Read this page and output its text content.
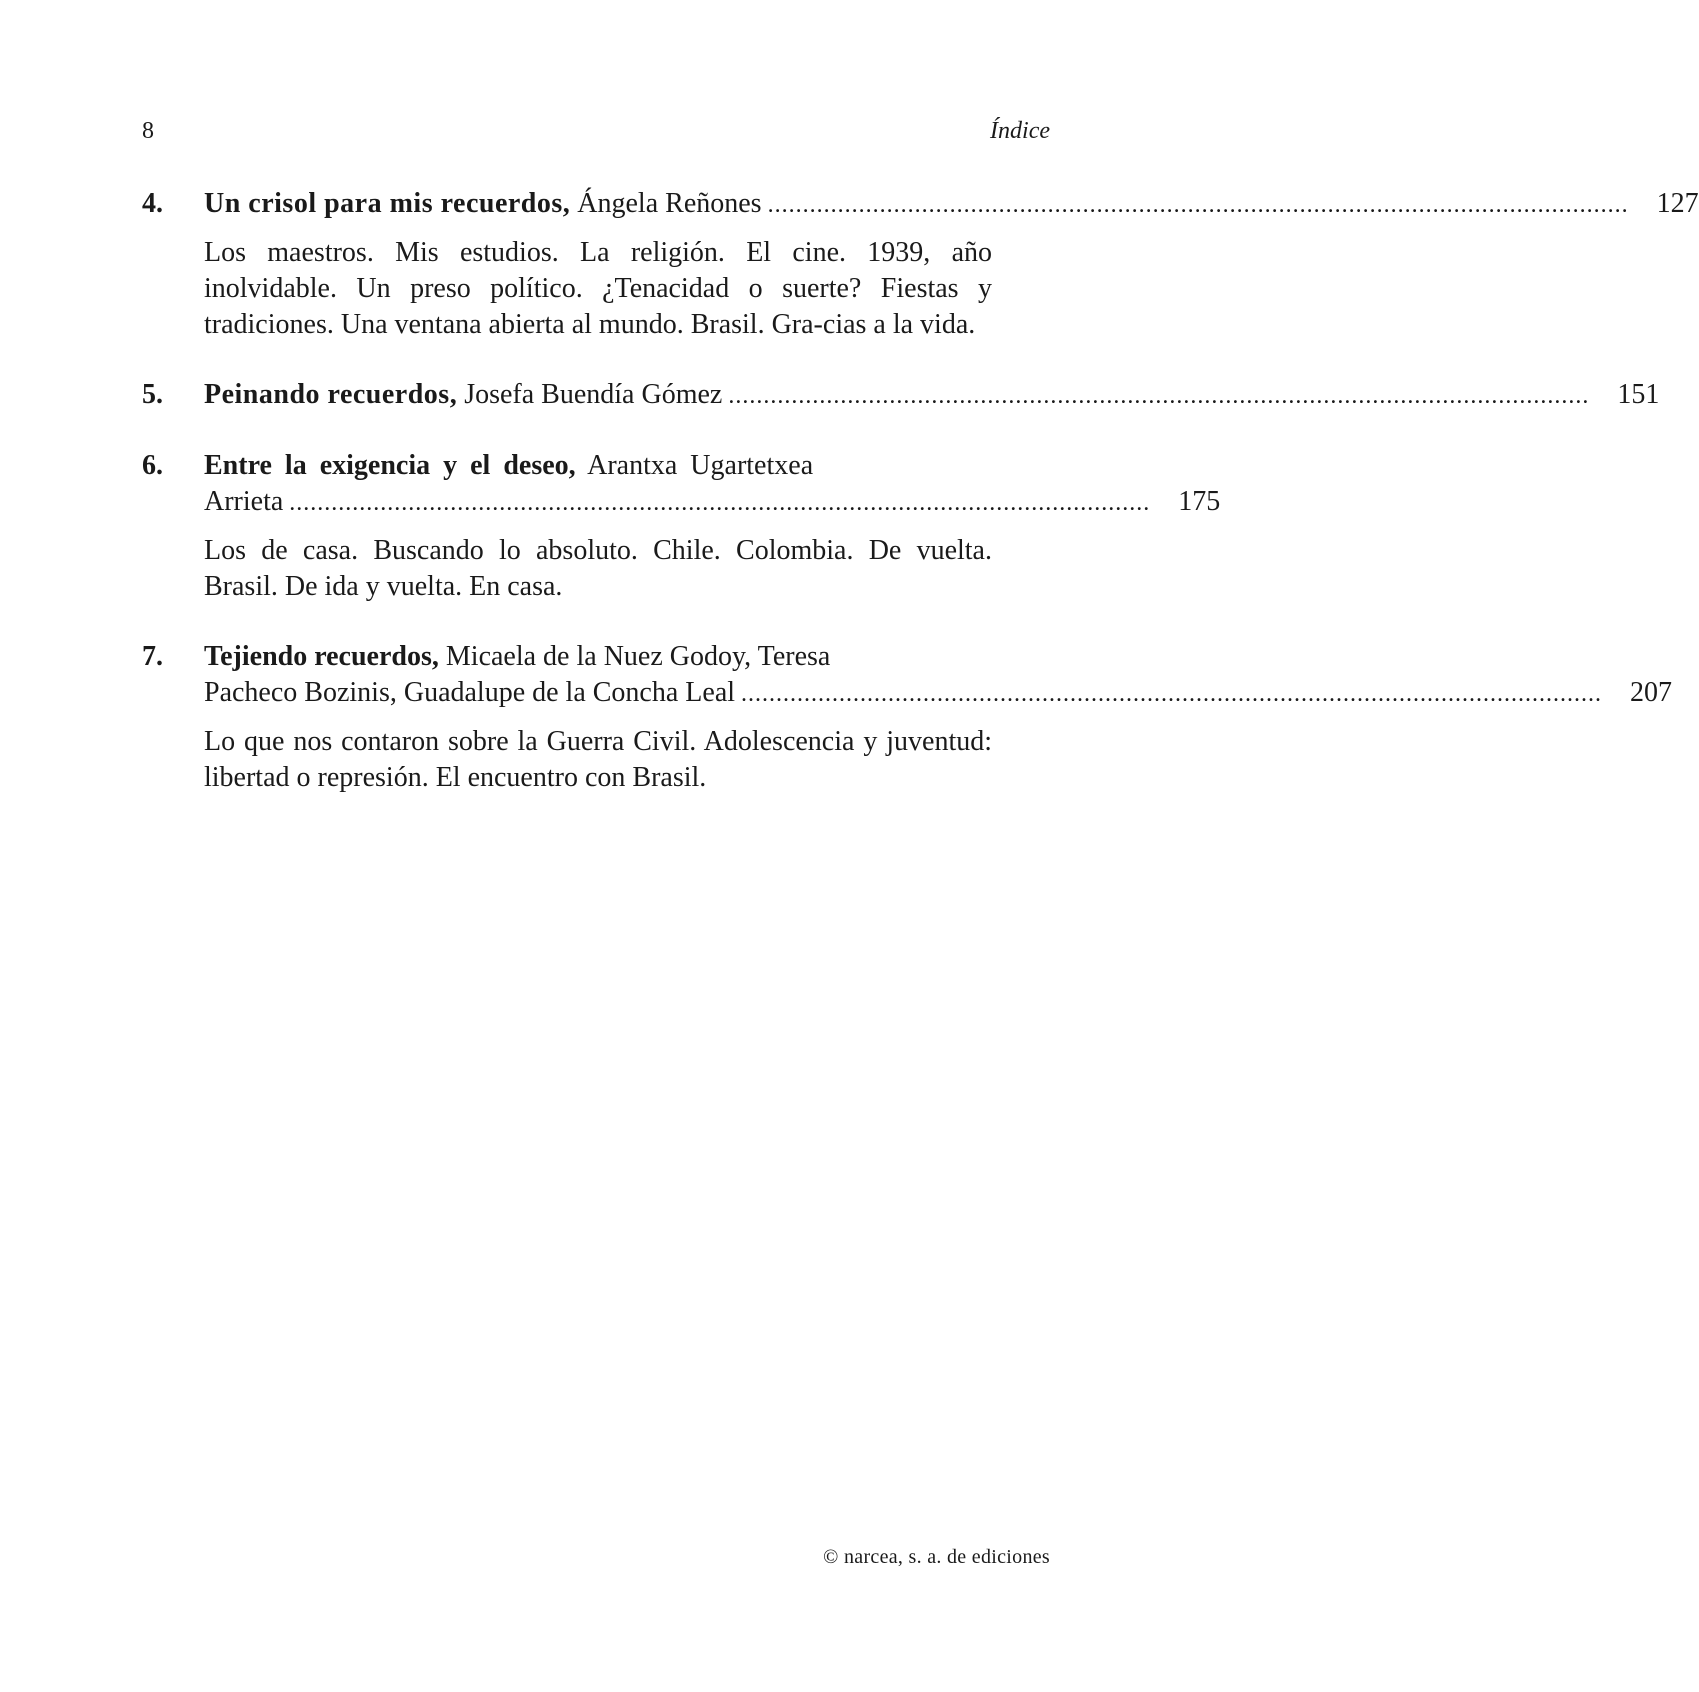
8	Índice
4. Un crisol para mis recuerdos, Ángela Reñones ...........................................................................................................................	127
Los maestros. Mis estudios. La religión. El cine. 1939, año inolvidable. Un preso político. ¿Tenacidad o suerte? Fiestas y tradiciones. Una ventana abierta al mundo. Brasil. Gra-cias a la vida.
5. Peinando recuerdos, Josefa Buendía Gómez ...........................................................................................................................	151
6. Entre la exigencia y el deseo, Arantxa Ugartetxea
Arrieta ...........................................................................................................................	175
Los de casa. Buscando lo absoluto. Chile. Colombia. De vuelta. Brasil. De ida y vuelta. En casa.
7. Tejiendo recuerdos, Micaela de la Nuez Godoy, Teresa
Pacheco Bozinis, Guadalupe de la Concha Leal ...........................................................................................................................	207
Lo que nos contaron sobre la Guerra Civil. Adolescencia y juventud: libertad o represión. El encuentro con Brasil.
© narcea, s. a. de ediciones
